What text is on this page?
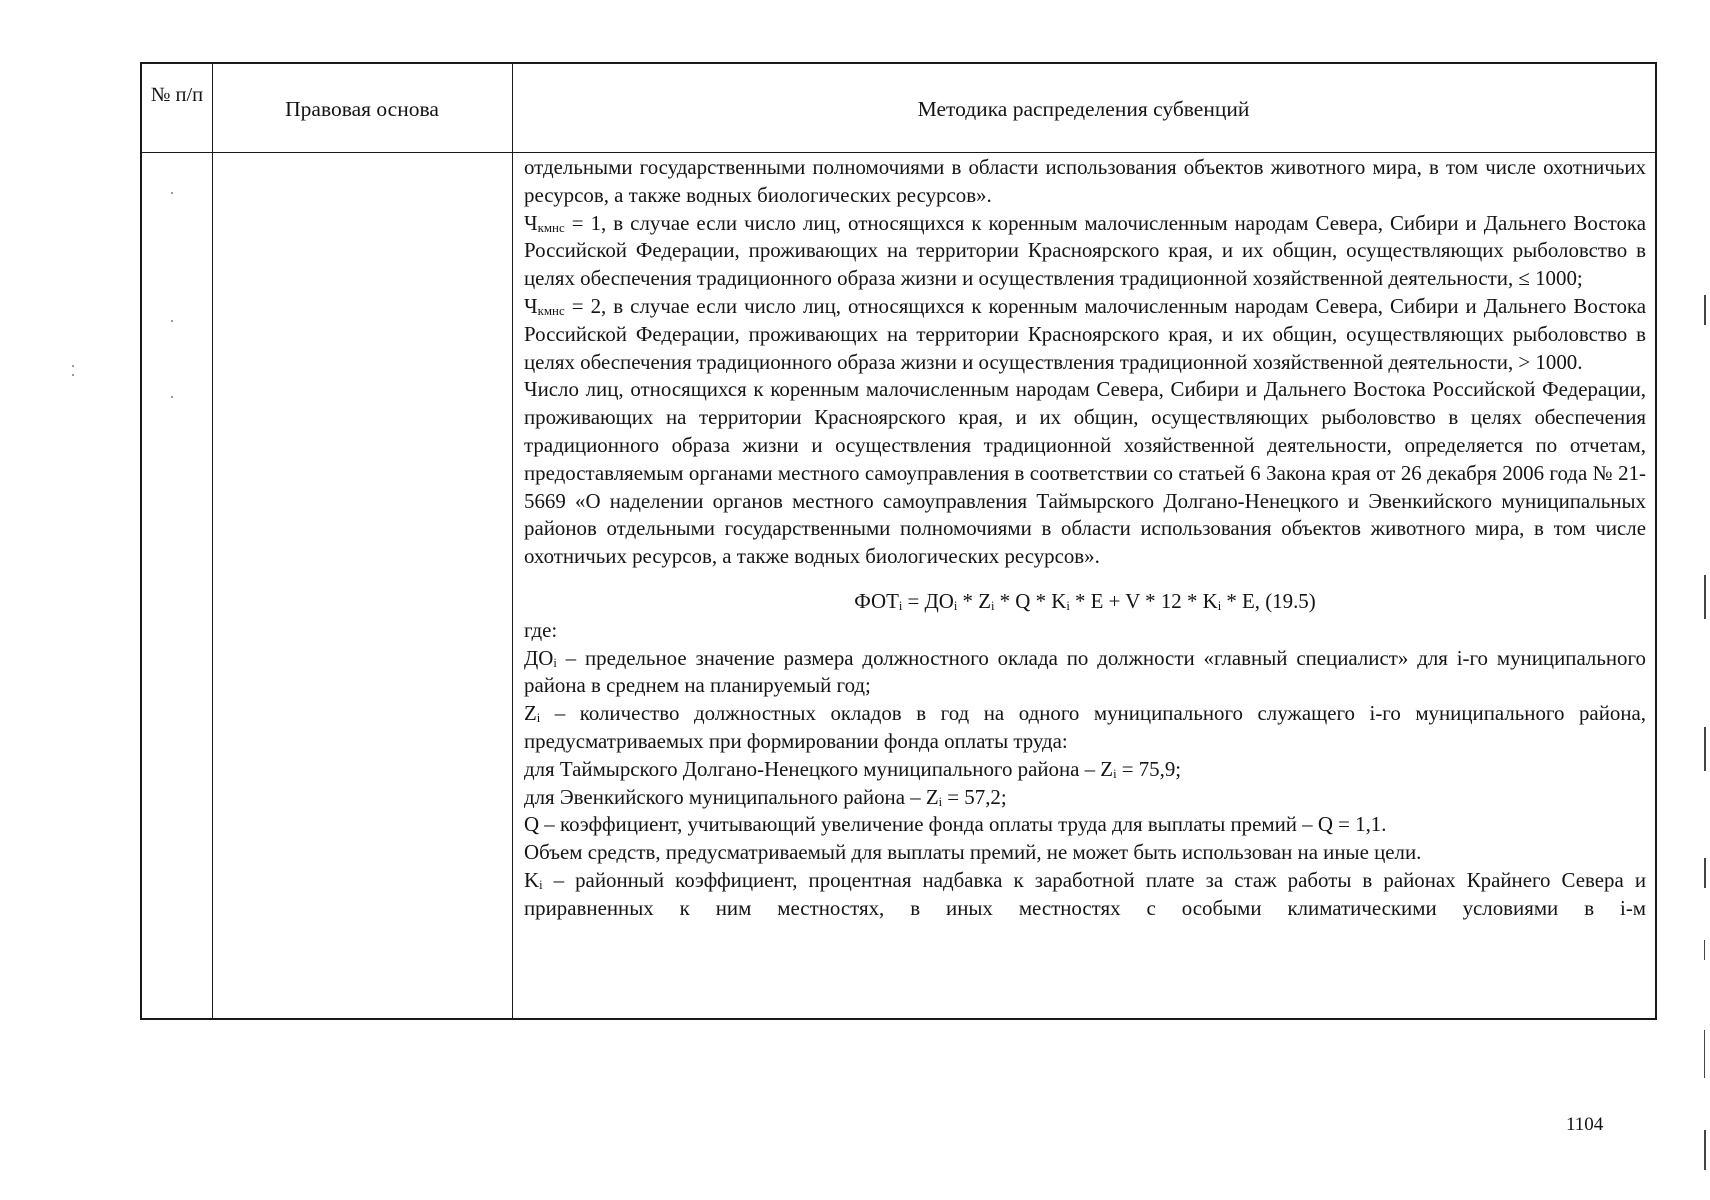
№ п/п
Правовая основа	Методика распределения субвенций

отдельными государственными полномочиями в области использования объектов животного мира, в том числе охотничьих ресурсов, а также водных биологических ресурсов».

$Ч_{кмнс} = 1$, в случае если число лиц, относящихся к коренным малочисленным народам Севера, Сибири и Дальнего Востока Российской Федерации, проживающих на территории Красноярского края, и их общин, осуществляющих рыболовство в целях обеспечения традиционного образа жизни и осуществления традиционной хозяйственной деятельности, ≤ 1000;

$Ч_{кмнс} = 2$, в случае если число лиц, относящихся к коренным малочисленным народам Севера, Сибири и Дальнего Востока Российской Федерации, проживающих на территории Красноярского края, и их общин, осуществляющих рыболовство в целях обеспечения традиционного образа жизни и осуществления традиционной хозяйственной деятельности, > 1000.

Число лиц, относящихся к коренным малочисленным народам Севера, Сибири и Дальнего Востока Российской Федерации, проживающих на территории Красноярского края, и их общин, осуществляющих рыболовство в целях обеспечения традиционного образа жизни и осуществления традиционной хозяйственной деятельности, определяется по отчетам, предоставляемым органами местного самоуправления в соответствии со статьей 6 Закона края от 26 декабря 2006 года № 21-5669 «О наделении органов местного самоуправления Таймырского Долгано-Ненецкого и Эвенкийского муниципальных районов отдельными государственными полномочиями в области использования объектов животного мира, в том числе охотничьих ресурсов, а также водных биологических ресурсов».

ФОТᵢ = ДОᵢ * Zᵢ * Q * Kᵢ * E + V * 12 * Kᵢ * E, (19.5)

где:

ДОᵢ – предельное значение размера должностного оклада по должности «главный специалист» для i-го муниципального района в среднем на планируемый год;

Zᵢ – количество должностных окладов в год на одного муниципального служащего i-го муниципального района, предусматриваемых при формировании фонда оплаты труда:

для Таймырского Долгано-Ненецкого муниципального района – Zᵢ = 75,9;

для Эвенкийского муниципального района – Zᵢ = 57,2;

Q – коэффициент, учитывающий увеличение фонда оплаты труда для выплаты премий – Q = 1,1.

Объем средств, предусматриваемый для выплаты премий, не может быть использован на иные цели.

Kᵢ – районный коэффициент, процентная надбавка к заработной плате за стаж работы в районах Крайнего Севера и приравненных к ним местностях, в иных местностях с особыми климатическими условиями в i-м

1104
